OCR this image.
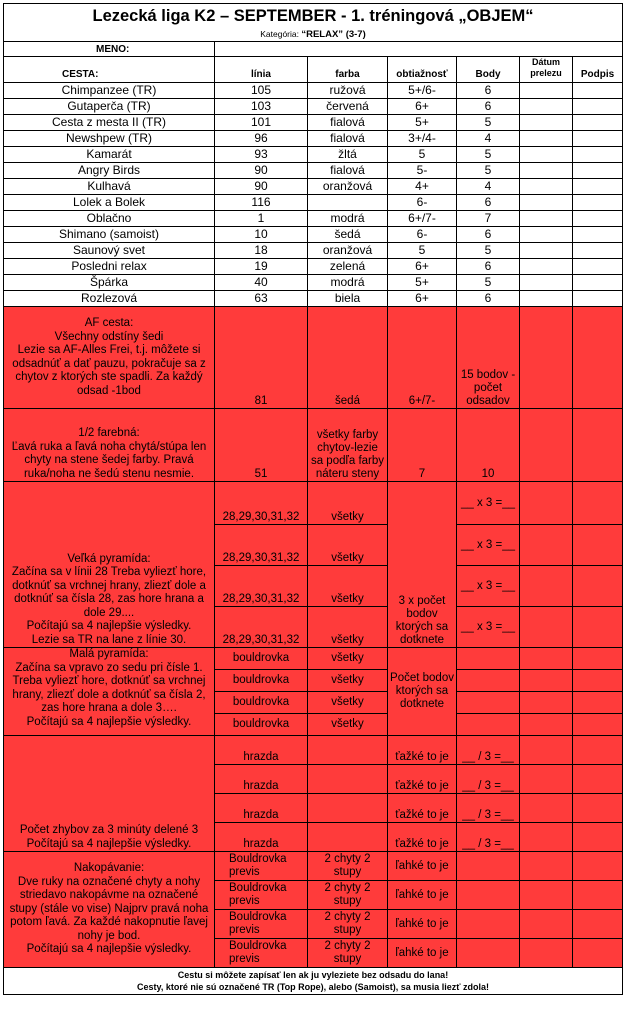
Lezecká liga K2 – SEPTEMBER - 1. tréningová „OBJEM“						
Kategória: “RELAX” (3-7)						
MENO:						
CESTA:	línia	farba	obtiažnosť	Body	Dátum prelezu	Podpis
Chimpanzee (TR)	105	ružová	5+/6-	6		
Gutaperča (TR)	103	červená	6+	6		
Cesta z mesta II (TR)	101	fialová	5+	5		
Newshpew (TR)	96	fialová	3+/4-	4		
Kamarát	93	žltá	5	5		
Angry Birds	90	fialová	5-	5		
Kulhavá	90	oranžová	4+	4		
Lolek a Bolek	116		6-	6		
Oblačno	1	modrá	6+/7-	7		
Shimano (samoist)	10	šedá	6-	6		
Saunový svet	18	oranžová	5	5		
Posledni relax	19	zelená	6+	6		
Špárka	40	modrá	5+	5		
Rozlezová	63	biela	6+	6		
AF cesta:
Všechny odstíny šedi
Lezie sa AF-Alles Frei, t.j. môžete si odsadnúť a dať pauzu, pokračuje sa z chytov z ktorých ste spadli. Za každý odsad -1bod	81	šedá	6+/7-	15 bodov - počet odsadov		
1/2 farebná:
Ľavá ruka a ľavá noha chytá/stúpa len chyty na stene šedej farby. Pravá ruka/noha ne šedú stenu nesmie.	51	všetky farby chytov-lezie sa podľa farby náteru steny	7	10		
Veľká pyramída:
Začína sa v línii 28 Treba vyliezť hore, dotknúť sa vrchnej hrany, zliezť dole a dotknúť sa čísla 28, zas hore hrana a dole 29....
Počítajú sa 4 najlepšie výsledky.
Lezie sa TR na lane z línie 30.	28,29,30,31,32	všetky	3 x počet bodov ktorých sa dotknete	__ x 3 =__		
	28,29,30,31,32	všetky		__ x 3 =__		
	28,29,30,31,32	všetky		__ x 3 =__		
	28,29,30,31,32	všetky		__ x 3 =__		
Malá pyramída:
Začína sa vpravo zo sedu pri čísle 1. Treba vyliezť hore, dotknúť sa vrchnej hrany, zliezť dole a dotknúť sa čísla 2, zas hore hrana a dole 3….
Počítajú sa 4 najlepšie výsledky.	bouldrovka	všetky	Počet bodov ktorých sa dotknete			
	bouldrovka	všetky				
	bouldrovka	všetky				
	bouldrovka	všetky				
Počet zhybov za 3 minúty delené 3
Počítajú sa 4 najlepšie výsledky.	hrazda		ťažké to je	__ / 3 =__		
	hrazda		ťažké to je	__ / 3 =__		
	hrazda		ťažké to je	__ / 3 =__		
	hrazda		ťažké to je	__ / 3 =__		
Nakopávanie:
Dve ruky na označené chyty a nohy striedavo nakopávme na označené stupy (stále vo vise) Najprv pravá noha potom ľavá. Za každé nakopnutie ľavej nohy je bod.
Počítajú sa 4 najlepšie výsledky.	Bouldrovka previs	2 chyty 2 stupy	ľahké to je			
	Bouldrovka previs	2 chyty 2 stupy	ľahké to je			
	Bouldrovka previs	2 chyty 2 stupy	ľahké to je			
	Bouldrovka previs	2 chyty 2 stupy	ľahké to je			

Cestu si môžete zapísať len ak ju vyleziete bez odsadu do lana!
Cesty, ktoré nie sú označené TR (Top Rope), alebo (Samoist), sa musia liezť zdola!						
